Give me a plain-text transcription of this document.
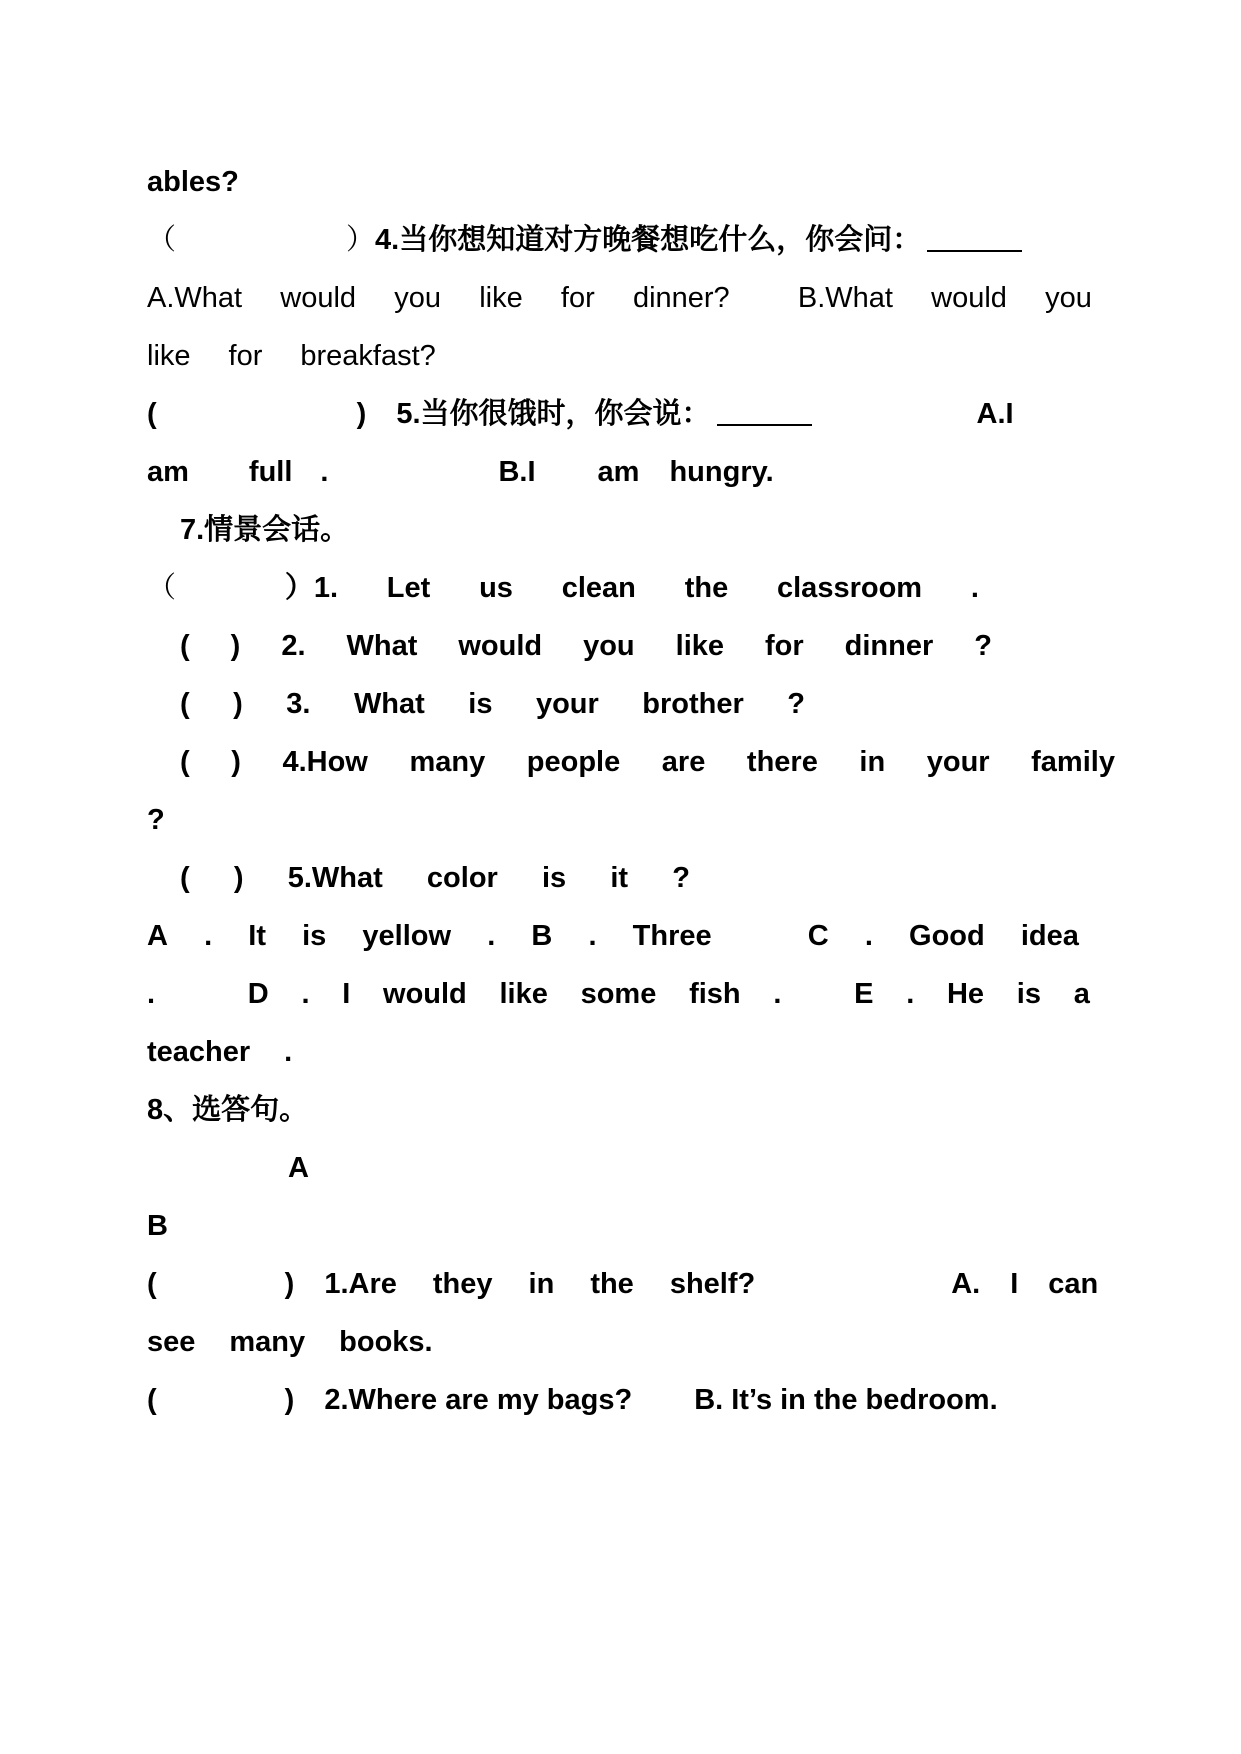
ables?
（	） 4.当你想知道对方晚餐想吃什么，你会问：
A.What would you like for dinner? B.What would you
like for breakfast?
(	) 5.当你很饿时，你会说：	A.I
am full .	B.I am hungry.
7.情景会话。
（	）1. Let us clean the classroom .
( ) 2. What would you like for dinner ?
( ) 3. What is your brother ?
( ) 4.How many people are there in your family
?
( ) 5.What color is it ?
A . It is yellow . B . Three	C . Good idea
.	D . I would like some fish .	E . He is a
teacher .
8、选答句。
A
B
(	) 1.Are they in the shelf?	A. I can
see many books.
(	) 2.Where are my bags? B. It’s in the bedroom.
